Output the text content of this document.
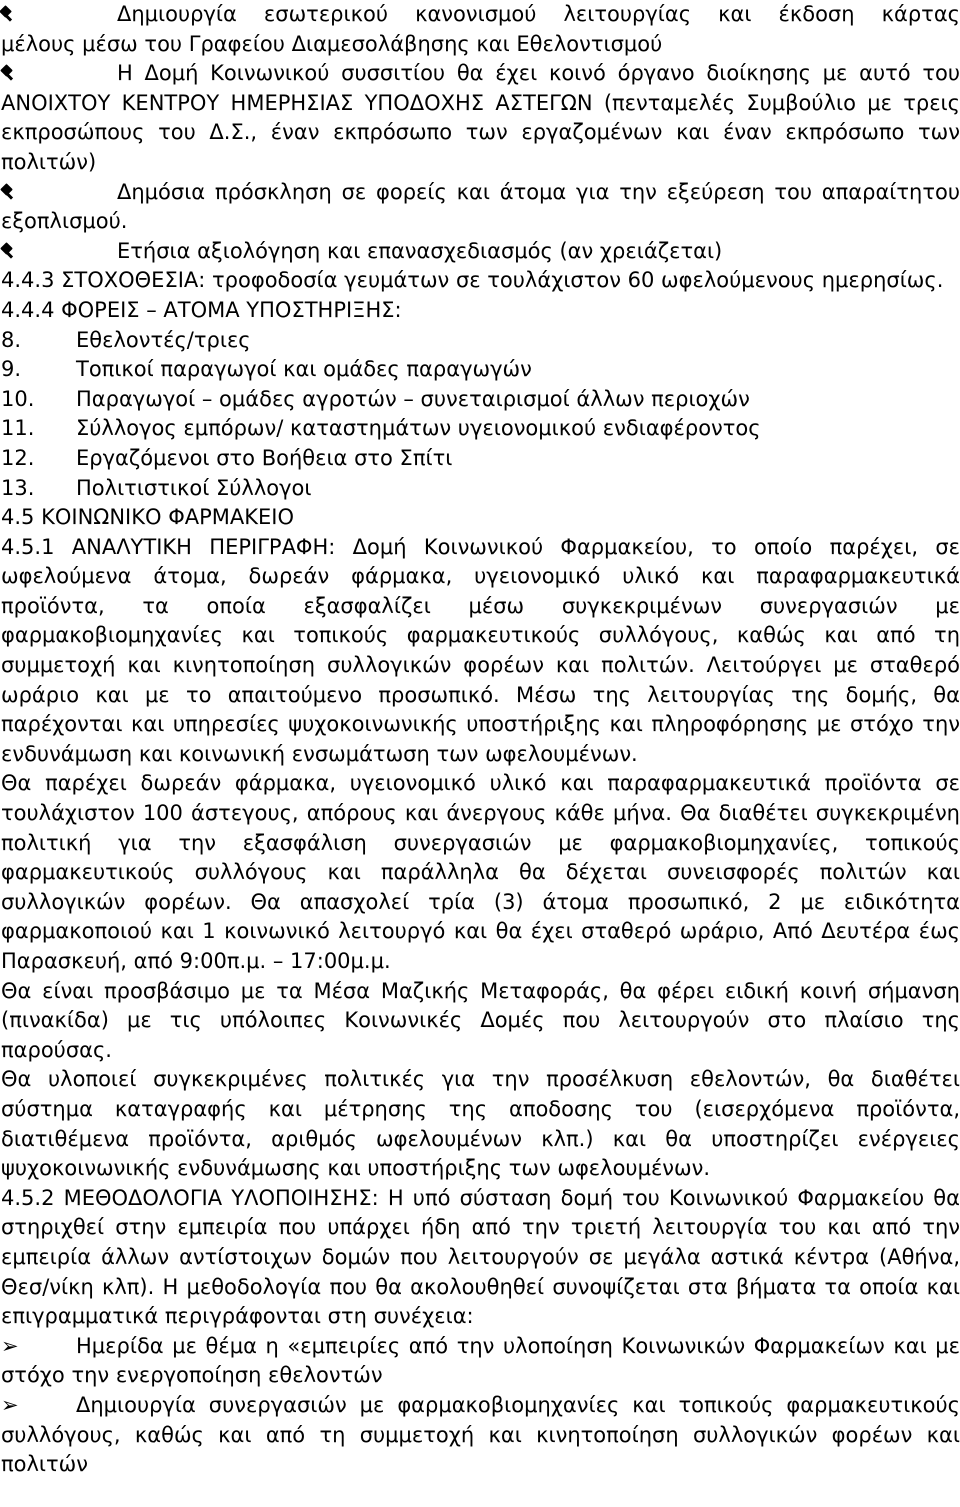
Δημιουργία εσωτερικού κανονισμού λειτουργίας και έκδοση κάρτας
μέλους μέσω του Γραφείου Διαμεσολάβησης και Εθελοντισμού
Η Δομή Κοινωνικού συσσιτίου θα έχει κοινό όργανο διοίκησης με αυτό του ΑΝΟΙΧΤΟΥ ΚΕΝΤΡΟΥ ΗΜΕΡΗΣΙΑΣ ΥΠΟΔΟΧΗΣ ΑΣΤΕΓΩΝ (πενταμελές Συμβούλιο με τρεις εκπροσώπους του Δ.Σ., έναν εκπρόσωπο των εργαζομένων και έναν εκπρόσωπο των πολιτών)
Δημόσια πρόσκληση σε φορείς και άτομα για την εξεύρεση του απαραίτητου εξοπλισμού.
Ετήσια αξιολόγηση και επανασχεδιασμός (αν χρειάζεται)
4.4.3 ΣΤΟΧΟΘΕΣΙΑ: τροφοδοσία γευμάτων σε τουλάχιστον 60 ωφελούμενους ημερησίως.
4.4.4 ΦΟΡΕΙΣ – ΑΤΟΜΑ ΥΠΟΣΤΗΡΙΞΗΣ:
8.	Εθελοντές/τριες
9.	Τοπικοί παραγωγοί και ομάδες παραγωγών
10.	Παραγωγοί – ομάδες αγροτών – συνεταιρισμοί άλλων περιοχών
11.	Σύλλογος εμπόρων/ καταστημάτων υγειονομικού ενδιαφέροντος
12.	Εργαζόμενοι στο Βοήθεια στο Σπίτι
13.	Πολιτιστικοί Σύλλογοι
4.5 ΚΟΙΝΩΝΙΚΟ ΦΑΡΜΑΚΕΙΟ
4.5.1 ΑΝΑΛΥΤΙΚΗ ΠΕΡΙΓΡΑΦΗ: Δομή Κοινωνικού Φαρμακείου, το οποίο παρέχει, σε ωφελούμενα άτομα, δωρεάν φάρμακα, υγειονομικό υλικό και παραφαρμακευτικά προϊόντα, τα οποία εξασφαλίζει μέσω συγκεκριμένων συνεργασιών με φαρμακοβιομηχανίες και τοπικούς φαρμακευτικούς συλλόγους, καθώς και από τη συμμετοχή και κινητοποίηση συλλογικών φορέων και πολιτών. Λειτούργει με σταθερό ωράριο και με το απαιτούμενο προσωπικό. Μέσω της λειτουργίας της δομής, θα παρέχονται και υπηρεσίες ψυχοκοινωνικής υποστήριξης και πληροφόρησης με στόχο την ενδυνάμωση και κοινωνική ενσωμάτωση των ωφελουμένων.
Θα παρέχει δωρεάν φάρμακα, υγειονομικό υλικό και παραφαρμακευτικά προϊόντα σε τουλάχιστον 100 άστεγους, απόρους και άνεργους κάθε μήνα. Θα διαθέτει συγκεκριμένη πολιτική για την εξασφάλιση συνεργασιών με φαρμακοβιομηχανίες, τοπικούς φαρμακευτικούς συλλόγους και παράλληλα θα δέχεται συνεισφορές πολιτών και συλλογικών φορέων. Θα απασχολεί τρία (3) άτομα προσωπικό, 2 με ειδικότητα φαρμακοποιού και 1 κοινωνικό λειτουργό και θα έχει σταθερό ωράριο, Από Δευτέρα έως Παρασκευή, από 9:00π.μ. – 17:00μ.μ.
Θα είναι προσβάσιμο με τα Μέσα Μαζικής Μεταφοράς, θα φέρει ειδική κοινή σήμανση (πινακίδα) με τις υπόλοιπες Κοινωνικές Δομές που λειτουργούν στο πλαίσιο της παρούσας.
Θα υλοποιεί συγκεκριμένες πολιτικές για την προσέλκυση εθελοντών, θα διαθέτει σύστημα καταγραφής και μέτρησης της αποδοσης του (εισερχόμενα προϊόντα, διατιθέμενα προϊόντα, αριθμός ωφελουμένων κλπ.) και θα υποστηρίζει ενέργειες ψυχοκοινωνικής ενδυνάμωσης και υποστήριξης των ωφελουμένων.
4.5.2 ΜΕΘΟΔΟΛΟΓΙΑ ΥΛΟΠΟΙΗΣΗΣ: Η υπό σύσταση δομή του Κοινωνικού Φαρμακείου θα στηριχθεί στην εμπειρία που υπάρχει ήδη από την τριετή λειτουργία του και από την εμπειρία άλλων αντίστοιχων δομών που λειτουργούν σε μεγάλα αστικά κέντρα (Αθήνα, Θεσ/νίκη κλπ). Η μεθοδολογία που θα ακολουθηθεί συνοψίζεται στα βήματα τα οποία και επιγραμματικά περιγράφονται στη συνέχεια:
➢	Ημερίδα με θέμα η «εμπειρίες από την υλοποίηση Κοινωνικών Φαρμακείων και με στόχο την ενεργοποίηση εθελοντών
➢	Δημιουργία συνεργασιών με φαρμακοβιομηχανίες και τοπικούς φαρμακευτικούς συλλόγους, καθώς και από τη συμμετοχή και κινητοποίηση συλλογικών φορέων και πολιτών
